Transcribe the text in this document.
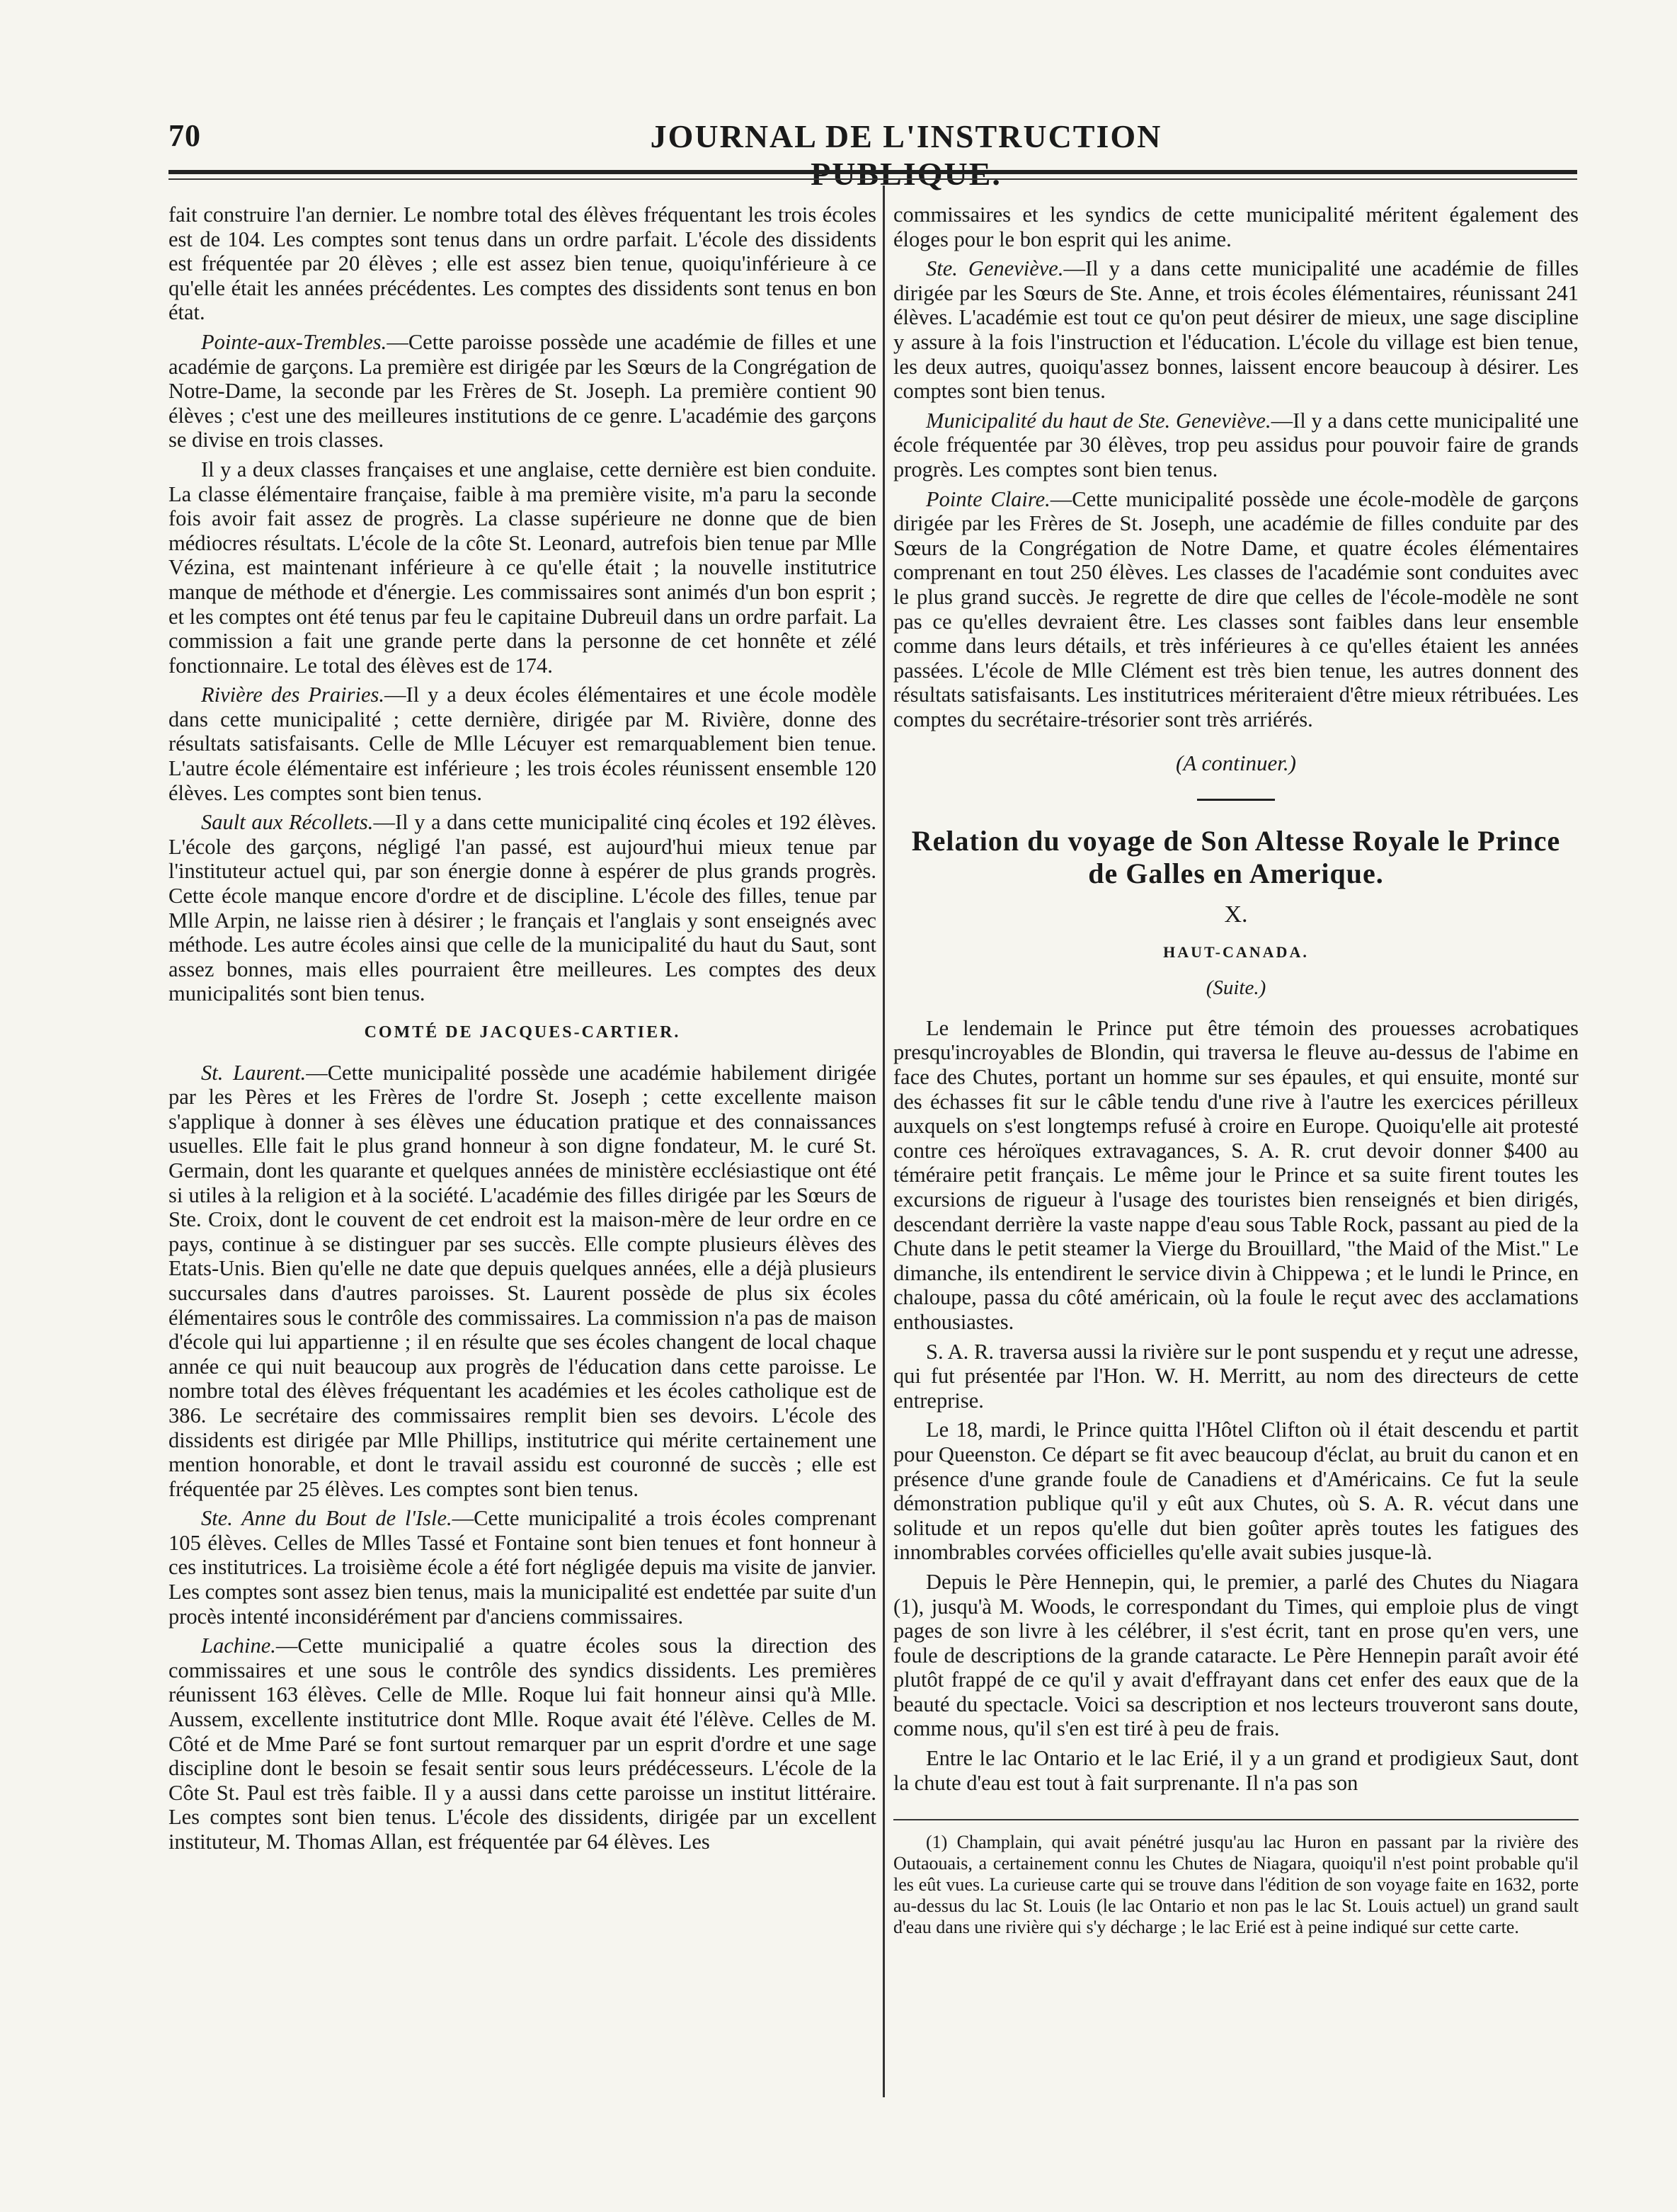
70	JOURNAL DE L'INSTRUCTION

fait construire l'an dernier. Le nombre total des élèves fréquentant les trois écoles est de 104. Les comptes sont tenus dans un ordre parfait. L'école des dissidents est fréquentée par 20 élèves ; elle est assez bien tenue, quoiqu'inférieure à ce qu'elle était les années précédentes. Les comptes des dissidents sont tenus en bon état.

Pointe-aux-Trembles.—Cette paroisse possède une académie de filles et une académie de garçons. La première est dirigée par les Sœurs de la Congrégation de Notre-Dame, la seconde par les Frères de St. Joseph. La première contient 90 élèves ; c'est une des meilleures institutions de ce genre. L'académie des garçons se divise en trois classes.

Il y a deux classes françaises et une anglaise, cette dernière est bien conduite. La classe élémentaire française, faible à ma première visite, m'a paru la seconde fois avoir fait assez de progrès. La classe supérieure ne donne que de bien médiocres résultats. L'école de la côte St. Leonard, autrefois bien tenue par Mlle Vézina, est maintenant inférieure à ce qu'elle était ; la nouvelle institutrice manque de méthode et d'énergie. Les commissaires sont animés d'un bon esprit ; et les comptes ont été tenus par feu le capitaine Dubreuil dans un ordre parfait. La commission a fait une grande perte dans la personne de cet honnête et zélé fonctionnaire. Le total des élèves est de 174.

Rivière des Prairies.—Il y a deux écoles élémentaires et une école modèle dans cette municipalité ; cette dernière, dirigée par M. Rivière, donne des résultats satisfaisants. Celle de Mlle Lécuyer est remarquablement bien tenue. L'autre école élémentaire est inférieure ; les trois écoles réunissent ensemble 120 élèves. Les comptes sont bien tenus.

Sault aux Récollets.—Il y a dans cette municipalité cinq écoles et 192 élèves. L'école des garçons, négligé l'an passé, est aujourd'hui mieux tenue par l'instituteur actuel qui, par son énergie donne à espérer de plus grands progrès. Cette école manque encore d'ordre et de discipline. L'école des filles, tenue par Mlle Arpin, ne laisse rien à désirer ; le français et l'anglais y sont enseignés avec méthode. Les autre écoles ainsi que celle de la municipalité du haut du Saut, sont assez bonnes, mais elles pourraient être meilleures. Les comptes des deux municipalités sont bien tenus.

COMTÉ DE JACQUES-CARTIER.

St. Laurent.—Cette municipalité possède une académie habilement dirigée par les Pères et les Frères de l'ordre St. Joseph ; cette excellente maison s'applique à donner à ses élèves une éducation pratique et des connaissances usuelles. Elle fait le plus grand honneur à son digne fondateur, M. le curé St. Germain, dont les quarante et quelques années de ministère ecclésiastique ont été si utiles à la religion et à la société. L'académie des filles dirigée par les Sœurs de Ste. Croix, dont le couvent de cet endroit est la maison-mère de leur ordre en ce pays, continue à se distinguer par ses succès. Elle compte plusieurs élèves des Etats-Unis. Bien qu'elle ne date que depuis quelques années, elle a déjà plusieurs succursales dans d'autres paroisses. St. Laurent possède de plus six écoles élémentaires sous le contrôle des commissaires. La commission n'a pas de maison d'école qui lui appartienne ; il en résulte que ses écoles changent de local chaque année ce qui nuit beaucoup aux progrès de l'éducation dans cette paroisse. Le nombre total des élèves fréquentant les académies et les écoles catholique est de 386. Le secrétaire des commissaires remplit bien ses devoirs. L'école des dissidents est dirigée par Mlle Phillips, institutrice qui mérite certainement une mention honorable, et dont le travail assidu est couronné de succès ; elle est fréquentée par 25 élèves. Les comptes sont bien tenus.

Ste. Anne du Bout de l'Isle.—Cette municipalité a trois écoles comprenant 105 élèves. Celles de Mlles Tassé et Fontaine sont bien tenues et font honneur à ces institutrices. La troisième école a été fort négligée depuis ma visite de janvier. Les comptes sont assez bien tenus, mais la municipalité est endettée par suite d'un procès intenté inconsidérément par d'anciens commissaires.

Lachine.—Cette municipalié a quatre écoles sous la direction des commissaires et une sous le contrôle des syndics dissidents. Les premières réunissent 163 élèves. Celle de Mlle. Roque lui fait honneur ainsi qu'à Mlle. Aussem, excellente institutrice dont Mlle. Roque avait été l'élève. Celles de M. Côté et de Mme Paré se font surtout remarquer par un esprit d'ordre et une sage discipline dont le besoin se fesait sentir sous leurs prédécesseurs. L'école de la Côte St. Paul est très faible. Il y a aussi dans cette paroisse un institut littéraire. Les comptes sont bien tenus. L'école des dissidents, dirigée par un excellent instituteur, M. Thomas Allan, est fréquentée par 64 élèves. Les

commissaires et les syndics de cette municipalité méritent également des éloges pour le bon esprit qui les anime.

Ste. Geneviève.—Il y a dans cette municipalité une académie de filles dirigée par les Sœurs de Ste. Anne, et trois écoles élémentaires, réunissant 241 élèves. L'académie est tout ce qu'on peut désirer de mieux, une sage discipline y assure à la fois l'instruction et l'éducation. L'école du village est bien tenue, les deux autres, quoiqu'assez bonnes, laissent encore beaucoup à désirer. Les comptes sont bien tenus.

Municipalité du haut de Ste. Geneviève.—Il y a dans cette municipalité une école fréquentée par 30 élèves, trop peu assidus pour pouvoir faire de grands progrès. Les comptes sont bien tenus.

Pointe Claire.—Cette municipalité possède une école-modèle de garçons dirigée par les Frères de St. Joseph, une académie de filles conduite par des Sœurs de la Congrégation de Notre Dame, et quatre écoles élémentaires comprenant en tout 250 élèves. Les classes de l'académie sont conduites avec le plus grand succès. Je regrette de dire que celles de l'école-modèle ne sont pas ce qu'elles devraient être. Les classes sont faibles dans leur ensemble comme dans leurs détails, et très inférieures à ce qu'elles étaient les années passées. L'école de Mlle Clément est très bien tenue, les autres donnent des résultats satisfaisants. Les institutrices mériteraient d'être mieux rétribuées. Les comptes du secrétaire-trésorier sont très arriérés.

(A continuer.)
Relation du voyage de Son Altesse Royale le Prince de Galles en Amerique.
X.
HAUT-CANADA.
(Suite.)

Le lendemain le Prince put être témoin des prouesses acrobatiques presqu'incroyables de Blondin, qui traversa le fleuve au-dessus de l'abime en face des Chutes, portant un homme sur ses épaules, et qui ensuite, monté sur des échasses fit sur le câble tendu d'une rive à l'autre les exercices périlleux auxquels on s'est longtemps refusé à croire en Europe. Quoiqu'elle ait protesté contre ces héroïques extravagances, S. A. R. crut devoir donner $400 au téméraire petit français. Le même jour le Prince et sa suite firent toutes les excursions de rigueur à l'usage des touristes bien renseignés et bien dirigés, descendant derrière la vaste nappe d'eau sous Table Rock, passant au pied de la Chute dans le petit steamer la Vierge du Brouillard, "the Maid of the Mist." Le dimanche, ils entendirent le service divin à Chippewa ; et le lundi le Prince, en chaloupe, passa du côté américain, où la foule le reçut avec des acclamations enthousiastes.

S. A. R. traversa aussi la rivière sur le pont suspendu et y reçut une adresse, qui fut présentée par l'Hon. W. H. Merritt, au nom des directeurs de cette entreprise.

Le 18, mardi, le Prince quitta l'Hôtel Clifton où il était descendu et partit pour Queenston. Ce départ se fit avec beaucoup d'éclat, au bruit du canon et en présence d'une grande foule de Canadiens et d'Américains. Ce fut la seule démonstration publique qu'il y eût aux Chutes, où S. A. R. vécut dans une solitude et un repos qu'elle dut bien goûter après toutes les fatigues des innombrables corvées officielles qu'elle avait subies jusque-là.

Depuis le Père Hennepin, qui, le premier, a parlé des Chutes du Niagara (1), jusqu'à M. Woods, le correspondant du Times, qui emploie plus de vingt pages de son livre à les célébrer, il s'est écrit, tant en prose qu'en vers, une foule de descriptions de la grande cataracte. Le Père Hennepin paraît avoir été plutôt frappé de ce qu'il y avait d'effrayant dans cet enfer des eaux que de la beauté du spectacle. Voici sa description et nos lecteurs trouveront sans doute, comme nous, qu'il s'en est tiré à peu de frais.

Entre le lac Ontario et le lac Erié, il y a un grand et prodigieux Saut, dont la chute d'eau est tout à fait surprenante. Il n'a pas son

(1) Champlain, qui avait pénétré jusqu'au lac Huron en passant par la rivière des Outaouais, a certainement connu les Chutes de Niagara, quoiqu'il n'est point probable qu'il les eût vues. La curieuse carte qui se trouve dans l'édition de son voyage faite en 1632, porte au-dessus du lac St. Louis (le lac Ontario et non pas le lac St. Louis actuel) un grand sault d'eau dans une rivière qui s'y décharge ; le lac Erié est à peine indiqué sur cette carte.
